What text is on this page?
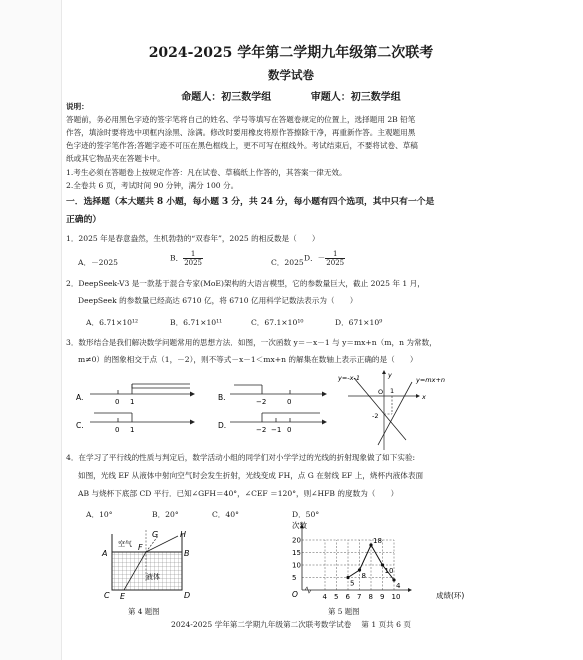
2024-2025 学年第二学期九年级第二次联考
数学试卷
命题人：初三数学组	审题人：初三数学组
说明：
答题前，务必用黑色字迹的签字笔将自己的姓名、学号等填写在答题卷规定的位置上，选择题用 2B 铅笔
作答，填涂时要将选中项框内涂黑、涂满。修改时要用橡皮将原作答擦除干净，再重新作答。主观题用黑
色字迹的签字笔作答;答题字迹不可压在黑色框线上，更不可写在框线外。考试结束后，不要将试卷、草稿
纸或其它物品夹在答题卡中。
1.考生必须在答题卷上按规定作答：凡在试卷、草稿纸上作答的，其答案一律无效。
2.全卷共 6 页，考试时间 90 分钟，满分 100 分。
一．选择题（本大题共 8 小题，每小题 3 分，共 24 分，每小题有四个选项，其中只有一个是
正确的）
1．2025 年是春意盎然，生机勃勃的“双春年”，2025 的相反数是（　　）
A．－2025	B． $\frac{1}{2025}$	C．2025 D．－ $\frac{1}{2025}$
2．DeepSeek-V3 是一款基于混合专家(MoE)架构的大语言模型，它的参数量巨大，截止 2025 年 1 月，
DeepSeek 的参数量已经高达 6710 亿，将 6710 亿用科学记数法表示为（　　）
A．6.71×10¹²	B．6.71×10¹¹	C．67.1×10¹⁰	D．671×10⁹
3．数形结合是我们解决数学问题常用的思想方法．如图，一次函数 y＝－x－1 与 y＝mx+n（m，n 为常数，
m≠0）的图象相交于点（1，－2），则不等式－x－1＜mx+n 的解集在数轴上表示正确的是（　　）
A.	0 1
C.	0 1
B.	−2	0
D.	−2 −1 0
y=-x-1	y=mx+n
O 1
x
y
-2
4．在学习了平行线的性质与判定后，数学活动小组的同学们对小学学过的光线的折射现象做了如下实验:
如图，光线 EF 从液体中射向空气时会发生折射，光线变成 FH，点 G 在射线 EF 上，烧杯内液体表面
AB 与烧杯下底部 CD 平行．已知∠GFH＝40°，∠CEF ＝120°，则∠HFB 的度数为（　　）
A．10°	B．20°	C．40°	D．50°
空气
液体
A	B
C	D
E
F
G	H
第 4 题图
5
10
15
20
4 5 6 7 8 9 10
5
8
18
10
4
次数
成绩(环)
O
第 5 题图
2024-2025 学年第二学期九年级第二次联考数学试卷　 第 1 页共 6 页
